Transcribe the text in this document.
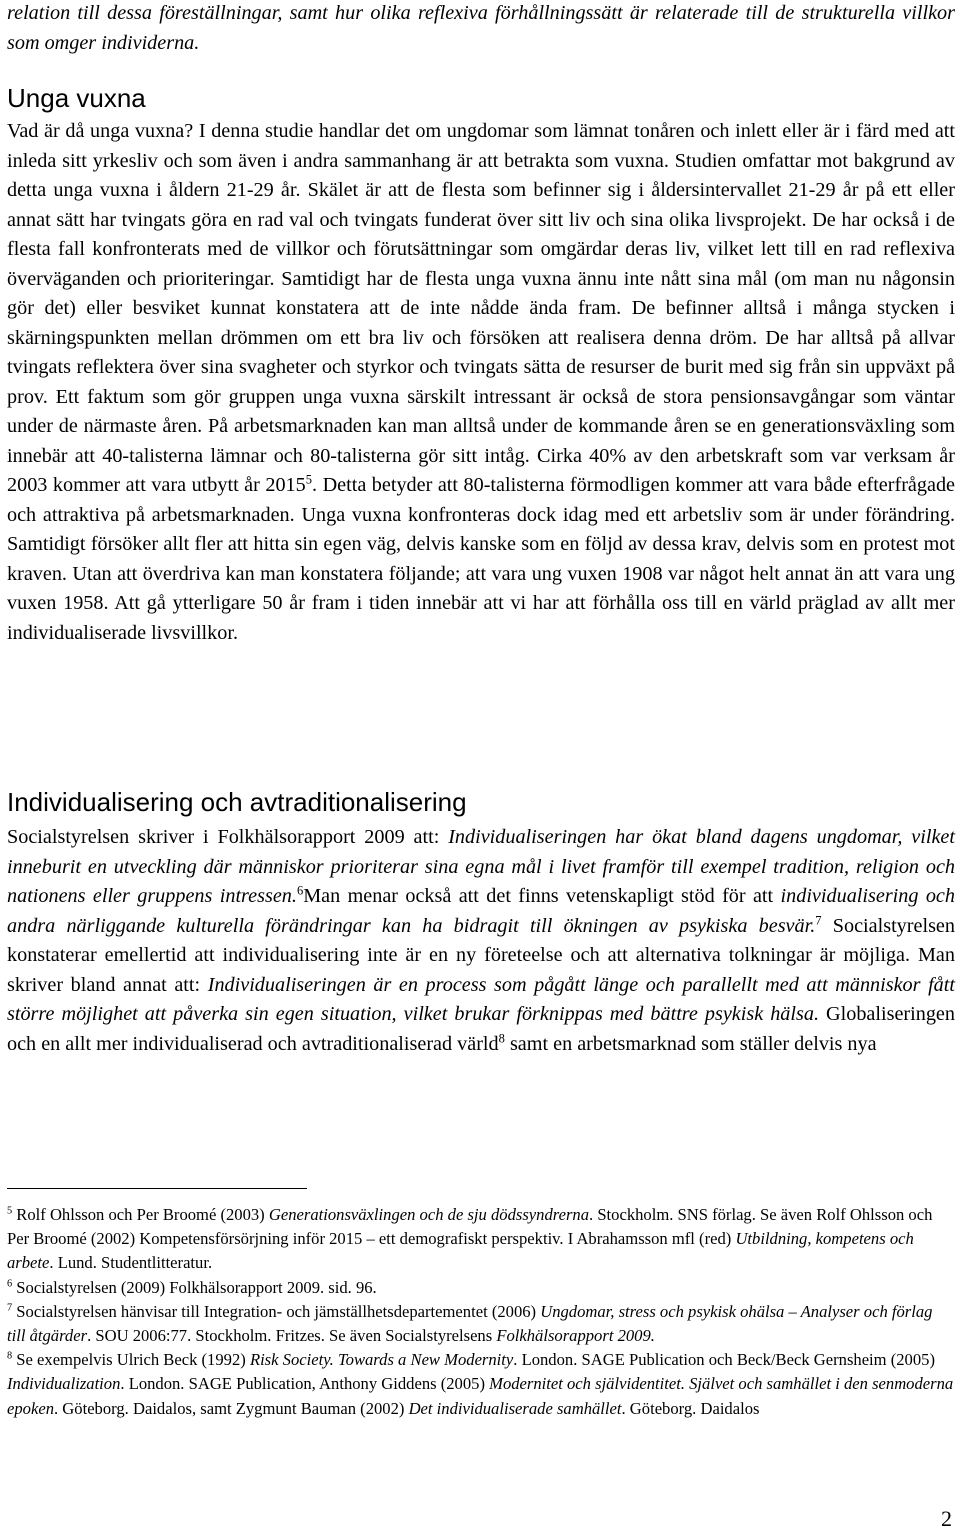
relation till dessa föreställningar, samt hur olika reflexiva förhållningssätt är relaterade till de strukturella villkor som omger individerna.

Unga vuxna

Vad är då unga vuxna? I denna studie handlar det om ungdomar som lämnat tonåren och inlett eller är i färd med att inleda sitt yrkesliv och som även i andra sammanhang är att betrakta som vuxna. Studien omfattar mot bakgrund av detta unga vuxna i åldern 21-29 år. Skälet är att de flesta som befinner sig i åldersintervallet 21-29 år på ett eller annat sätt har tvingats göra en rad val och tvingats funderat över sitt liv och sina olika livsprojekt. De har också i de flesta fall konfronterats med de villkor och förutsättningar som omgärdar deras liv, vilket lett till en rad reflexiva överväganden och prioriteringar. Samtidigt har de flesta unga vuxna ännu inte nått sina mål (om man nu någonsin gör det) eller besviket kunnat konstatera att de inte nådde ända fram. De befinner alltså i många stycken i skärningspunkten mellan drömmen om ett bra liv och försöken att realisera denna dröm. De har alltså på allvar tvingats reflektera över sina svagheter och styrkor och tvingats sätta de resurser de burit med sig från sin uppväxt på prov. Ett faktum som gör gruppen unga vuxna särskilt intressant är också de stora pensionsavgångar som väntar under de närmaste åren. På arbetsmarknaden kan man alltså under de kommande åren se en generationsväxling som innebär att 40-talisterna lämnar och 80-talisterna gör sitt intåg. Cirka 40% av den arbetskraft som var verksam år 2003 kommer att vara utbytt år 2015$^5$. Detta betyder att 80-talisterna förmodligen kommer att vara både efterfrågade och attraktiva på arbetsmarknaden. Unga vuxna konfronteras dock idag med ett arbetsliv som är under förändring. Samtidigt försöker allt fler att hitta sin egen väg, delvis kanske som en följd av dessa krav, delvis som en protest mot kraven. Utan att överdriva kan man konstatera följande; att vara ung vuxen 1908 var något helt annat än att vara ung vuxen 1958. Att gå ytterligare 50 år fram i tiden innebär att vi har att förhålla oss till en värld präglad av allt mer individualiserade livsvillkor.

Individualisering och avtraditionalisering

Socialstyrelsen skriver i Folkhälsorapport 2009 att: Individualiseringen har ökat bland dagens ungdomar, vilket inneburit en utveckling där människor prioriterar sina egna mål i livet framför till exempel tradition, religion och nationens eller gruppens intressen.$^6$Man menar också att det finns vetenskapligt stöd för att individualisering och andra närliggande kulturella förändringar kan ha bidragit till ökningen av psykiska besvär.$^7$ Socialstyrelsen konstaterar emellertid att individualisering inte är en ny företeelse och att alternativa tolkningar är möjliga. Man skriver bland annat att: Individualiseringen är en process som pågått länge och parallellt med att människor fått större möjlighet att påverka sin egen situation, vilket brukar förknippas med bättre psykisk hälsa. Globaliseringen och en allt mer individualiserad och avtraditionaliserad värld$^8$ samt en arbetsmarknad som ställer delvis nya

$^5$ Rolf Ohlsson och Per Broomé (2003) Generationsväxlingen och de sju dödssyndrerna. Stockholm. SNS förlag. Se även Rolf Ohlsson och Per Broomé (2002) Kompetensförsörjning inför 2015 – ett demografiskt perspektiv. I Abrahamsson mfl (red) Utbildning, kompetens och arbete. Lund. Studentlitteratur.

$^6$ Socialstyrelsen (2009) Folkhälsorapport 2009. sid. 96.

$^7$ Socialstyrelsen hänvisar till Integration- och jämställhetsdepartementet (2006) Ungdomar, stress och psykisk ohälsa – Analyser och förlag till åtgärder. SOU 2006:77. Stockholm. Fritzes. Se även Socialstyrelsens Folkhälsorapport 2009.

$^8$ Se exempelvis Ulrich Beck (1992) Risk Society. Towards a New Modernity. London. SAGE Publication och Beck/Beck Gernsheim (2005) Individualization. London. SAGE Publication, Anthony Giddens (2005) Modernitet och självidentitet. Självet och samhället i den senmoderna epoken. Göteborg. Daidalos, samt Zygmunt Bauman (2002) Det individualiserade samhället. Göteborg. Daidalos

2
